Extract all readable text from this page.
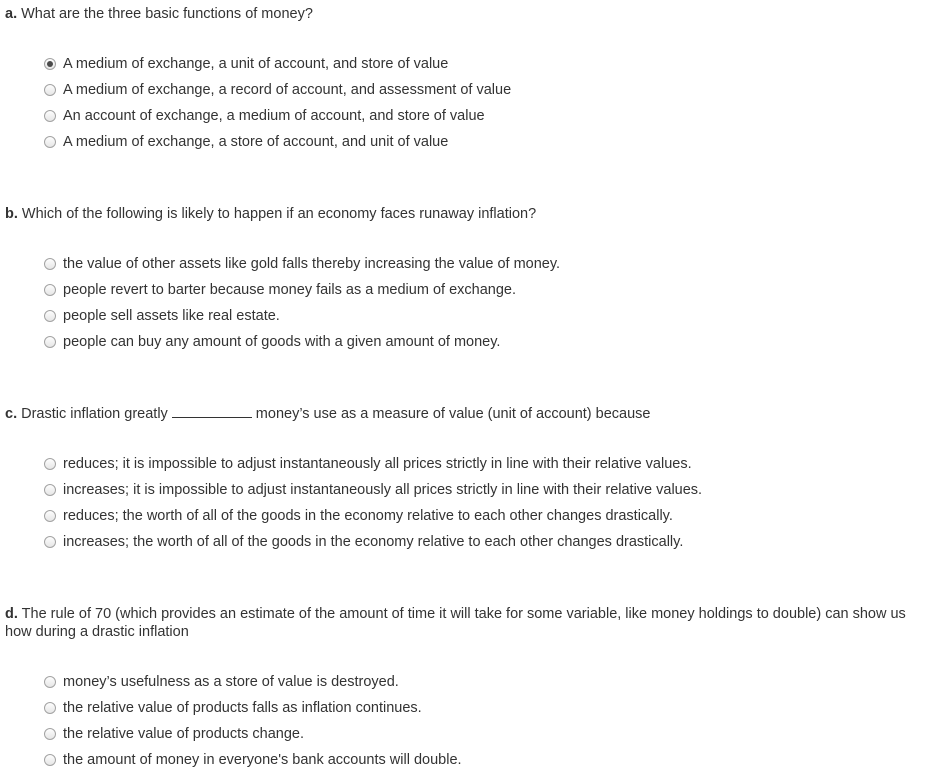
a. What are the three basic functions of money?

A medium of exchange, a unit of account, and store of value
A medium of exchange, a record of account, and assessment of value
An account of exchange, a medium of account, and store of value
A medium of exchange, a store of account, and unit of value

b. Which of the following is likely to happen if an economy faces runaway inflation?

the value of other assets like gold falls thereby increasing the value of money.
people revert to barter because money fails as a medium of exchange.
people sell assets like real estate.
people can buy any amount of goods with a given amount of money.

c. Drastic inflation greatly	money’s use as a measure of value (unit of account) because

reduces; it is impossible to adjust instantaneously all prices strictly in line with their relative values.
increases; it is impossible to adjust instantaneously all prices strictly in line with their relative values.
reduces; the worth of all of the goods in the economy relative to each other changes drastically.
increases; the worth of all of the goods in the economy relative to each other changes drastically.

d. The rule of 70 (which provides an estimate of the amount of time it will take for some variable, like money holdings to double) can show us how during a drastic inflation

money’s usefulness as a store of value is destroyed.
the relative value of products falls as inflation continues.
the relative value of products change.
the amount of money in everyone's bank accounts will double.
